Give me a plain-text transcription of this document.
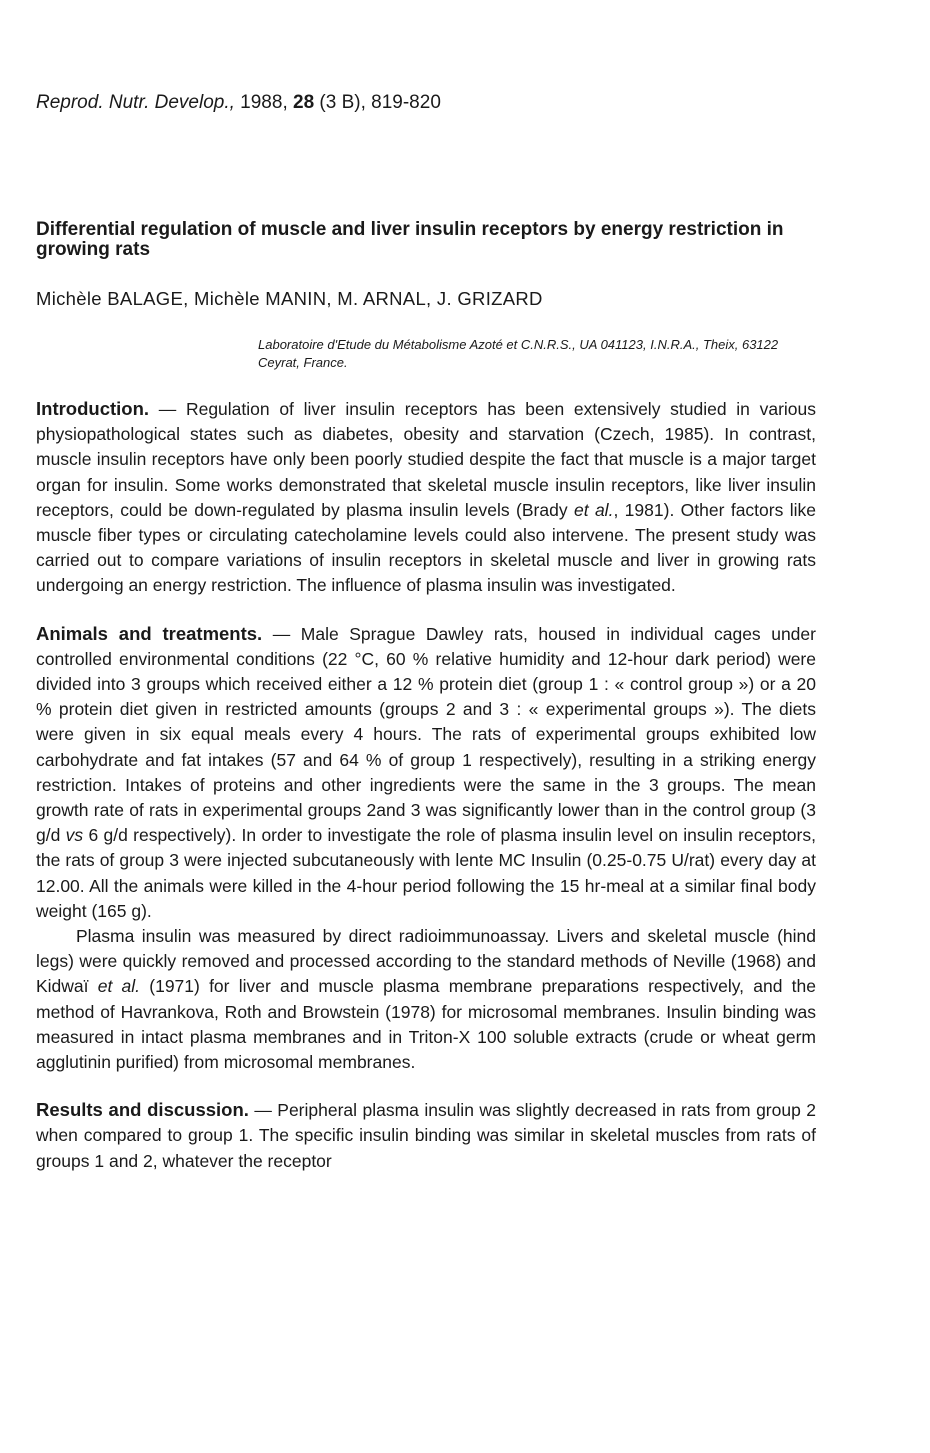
Reprod. Nutr. Develop., 1988, 28 (3 B), 819-820
Differential regulation of muscle and liver insulin receptors by energy restriction in growing rats
Michèle BALAGE, Michèle MANIN, M. ARNAL, J. GRIZARD
Laboratoire d'Etude du Métabolisme Azoté et C.N.R.S., UA 041123, I.N.R.A., Theix, 63122 Ceyrat, France.

Introduction. — Regulation of liver insulin receptors has been extensively studied in various physiopathological states such as diabetes, obesity and starvation (Czech, 1985). In contrast, muscle insulin receptors have only been poorly studied despite the fact that muscle is a major target organ for insulin. Some works demonstrated that skeletal muscle insulin receptors, like liver insulin receptors, could be down-regulated by plasma insulin levels (Brady et al., 1981). Other factors like muscle fiber types or circulating catecholamine levels could also intervene. The present study was carried out to compare variations of insulin receptors in skeletal muscle and liver in growing rats undergoing an energy restriction. The influence of plasma insulin was investigated.

Animals and treatments. — Male Sprague Dawley rats, housed in individual cages under controlled environmental conditions (22 °C, 60 % relative humidity and 12-hour dark period) were divided into 3 groups which received either a 12 % protein diet (group 1 : « control group ») or a 20 % protein diet given in restricted amounts (groups 2 and 3 : « experimental groups »). The diets were given in six equal meals every 4 hours. The rats of experimental groups exhibited low carbohydrate and fat intakes (57 and 64 % of group 1 respectively), resulting in a striking energy restriction. Intakes of proteins and other ingredients were the same in the 3 groups. The mean growth rate of rats in experimental groups 2and 3 was significantly lower than in the control group (3 g/d vs 6 g/d respectively). In order to investigate the role of plasma insulin level on insulin receptors, the rats of group 3 were injected subcutaneously with lente MC Insulin (0.25-0.75 U/rat) every day at 12.00. All the animals were killed in the 4-hour period following the 15 hr-meal at a similar final body weight (165 g).

Plasma insulin was measured by direct radioimmunoassay. Livers and skeletal muscle (hind legs) were quickly removed and processed according to the standard methods of Neville (1968) and Kidwaï et al. (1971) for liver and muscle plasma membrane preparations respectively, and the method of Havrankova, Roth and Browstein (1978) for microsomal membranes. Insulin binding was measured in intact plasma membranes and in Triton-X 100 soluble extracts (crude or wheat germ agglutinin purified) from microsomal membranes.

Results and discussion. — Peripheral plasma insulin was slightly decreased in rats from group 2 when compared to group 1. The specific insulin binding was similar in skeletal muscles from rats of groups 1 and 2, whatever the receptor
